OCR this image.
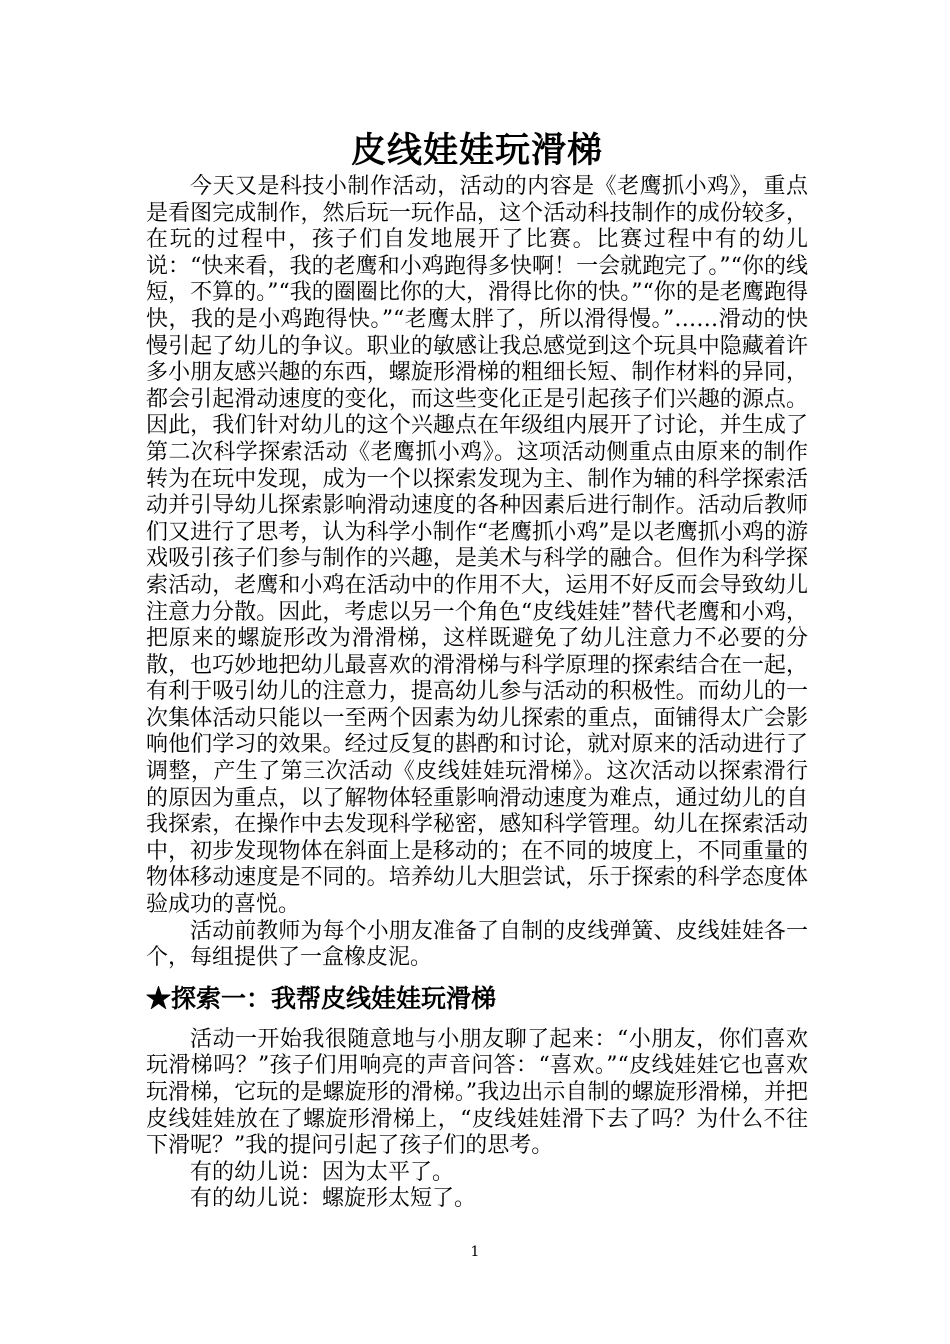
皮线娃娃玩滑梯

今天又是科技小制作活动，活动的内容是《老鹰抓小鸡》，重点是看图完成制作，然后玩一玩作品，这个活动科技制作的成份较多，在玩的过程中，孩子们自发地展开了比赛。比赛过程中有的幼儿说：“快来看，我的老鹰和小鸡跑得多快啊！一会就跑完了。”“你的线短，不算的。”“我的圈圈比你的大，滑得比你的快。”“你的是老鹰跑得快，我的是小鸡跑得快。”“老鹰太胖了，所以滑得慢。”……滑动的快慢引起了幼儿的争议。职业的敏感让我总感觉到这个玩具中隐藏着许多小朋友感兴趣的东西，螺旋形滑梯的粗细长短、制作材料的异同，都会引起滑动速度的变化，而这些变化正是引起孩子们兴趣的源点。因此，我们针对幼儿的这个兴趣点在年级组内展开了讨论，并生成了第二次科学探索活动《老鹰抓小鸡》。这项活动侧重点由原来的制作转为在玩中发现，成为一个以探索发现为主、制作为辅的科学探索活动并引导幼儿探索影响滑动速度的各种因素后进行制作。活动后教师们又进行了思考，认为科学小制作“老鹰抓小鸡”是以老鹰抓小鸡的游戏吸引孩子们参与制作的兴趣，是美术与科学的融合。但作为科学探索活动，老鹰和小鸡在活动中的作用不大，运用不好反而会导致幼儿注意力分散。因此，考虑以另一个角色“皮线娃娃”替代老鹰和小鸡，把原来的螺旋形改为滑滑梯，这样既避免了幼儿注意力不必要的分散，也巧妙地把幼儿最喜欢的滑滑梯与科学原理的探索结合在一起，有利于吸引幼儿的注意力，提高幼儿参与活动的积极性。而幼儿的一次集体活动只能以一至两个因素为幼儿探索的重点，面铺得太广会影响他们学习的效果。经过反复的斟酌和讨论，就对原来的活动进行了调整，产生了第三次活动《皮线娃娃玩滑梯》。这次活动以探索滑行的原因为重点，以了解物体轻重影响滑动速度为难点，通过幼儿的自我探索，在操作中去发现科学秘密，感知科学管理。幼儿在探索活动中，初步发现物体在斜面上是移动的；在不同的坡度上，不同重量的物体移动速度是不同的。培养幼儿大胆尝试，乐于探索的科学态度体验成功的喜悦。

活动前教师为每个小朋友准备了自制的皮线弹簧、皮线娃娃各一个，每组提供了一盒橡皮泥。

★探索一：我帮皮线娃娃玩滑梯

活动一开始我很随意地与小朋友聊了起来：“小朋友，你们喜欢玩滑梯吗？”孩子们用响亮的声音问答：“喜欢。”“皮线娃娃它也喜欢玩滑梯，它玩的是螺旋形的滑梯。”我边出示自制的螺旋形滑梯，并把皮线娃娃放在了螺旋形滑梯上，“皮线娃娃滑下去了吗？为什么不往下滑呢？”我的提问引起了孩子们的思考。

有的幼儿说：因为太平了。

有的幼儿说：螺旋形太短了。

1
